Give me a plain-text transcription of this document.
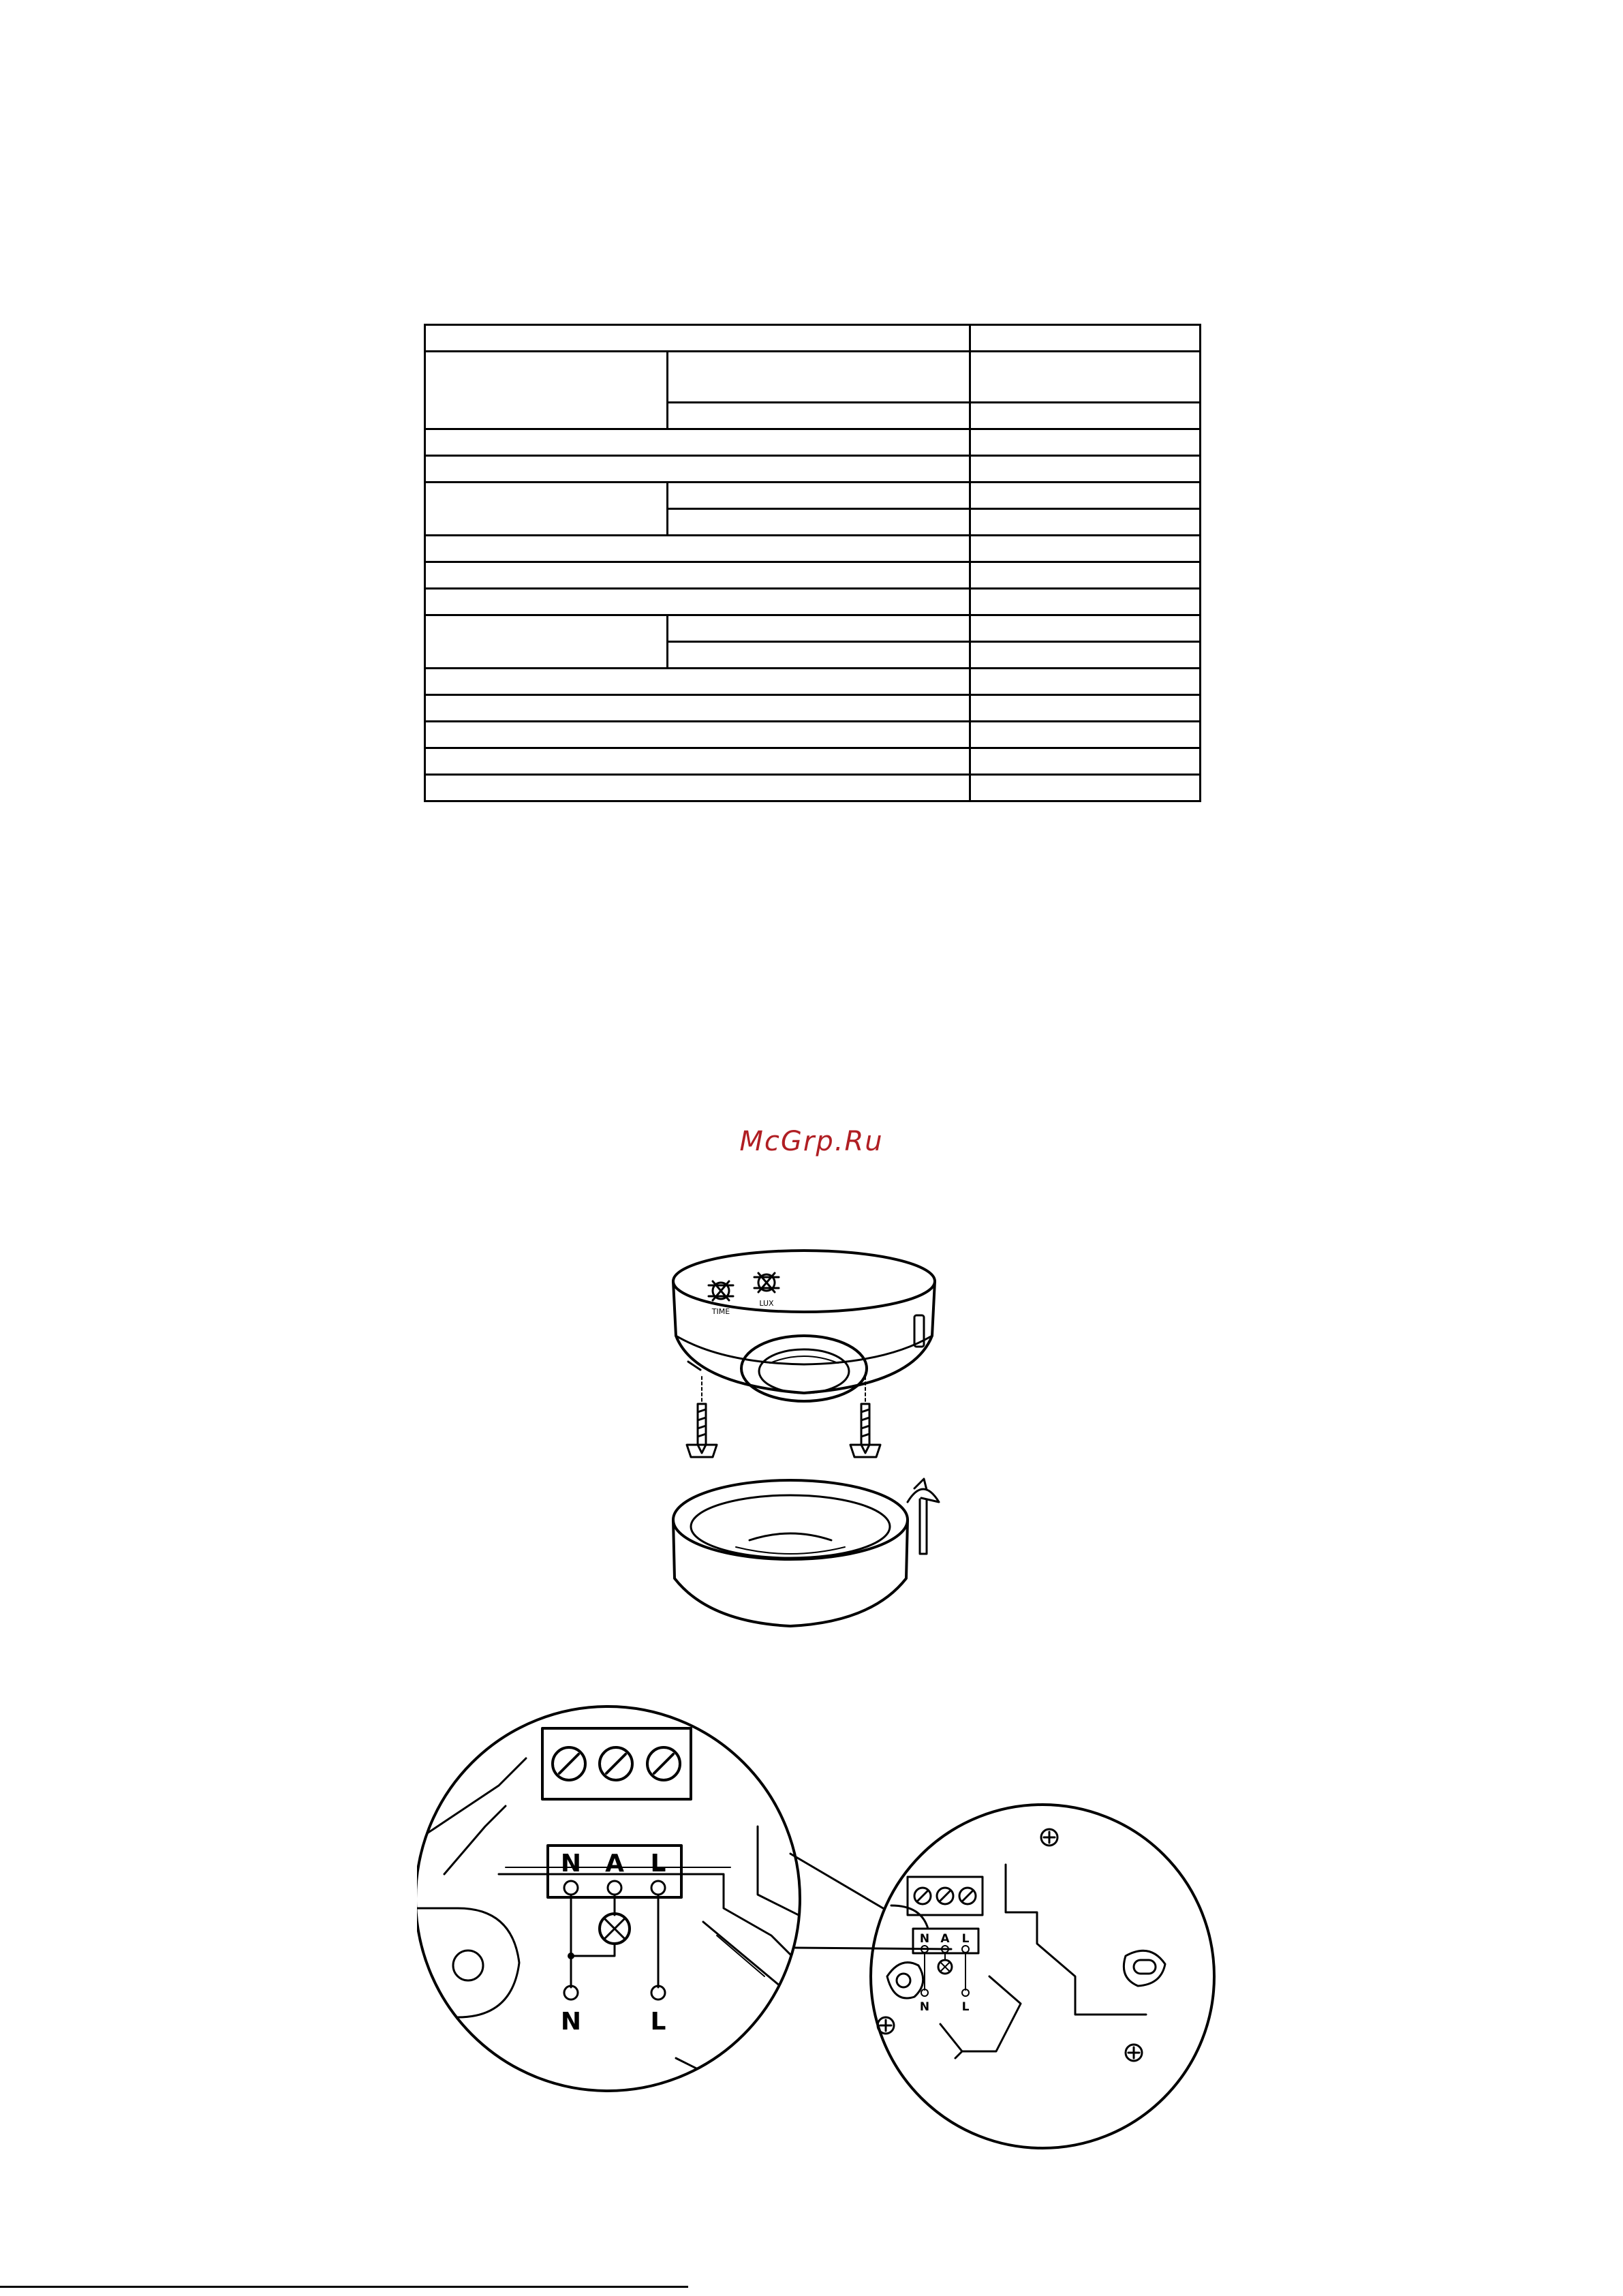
McGrp.Ru
TIME
LUX
N A L
N	L
N A L
N	L
